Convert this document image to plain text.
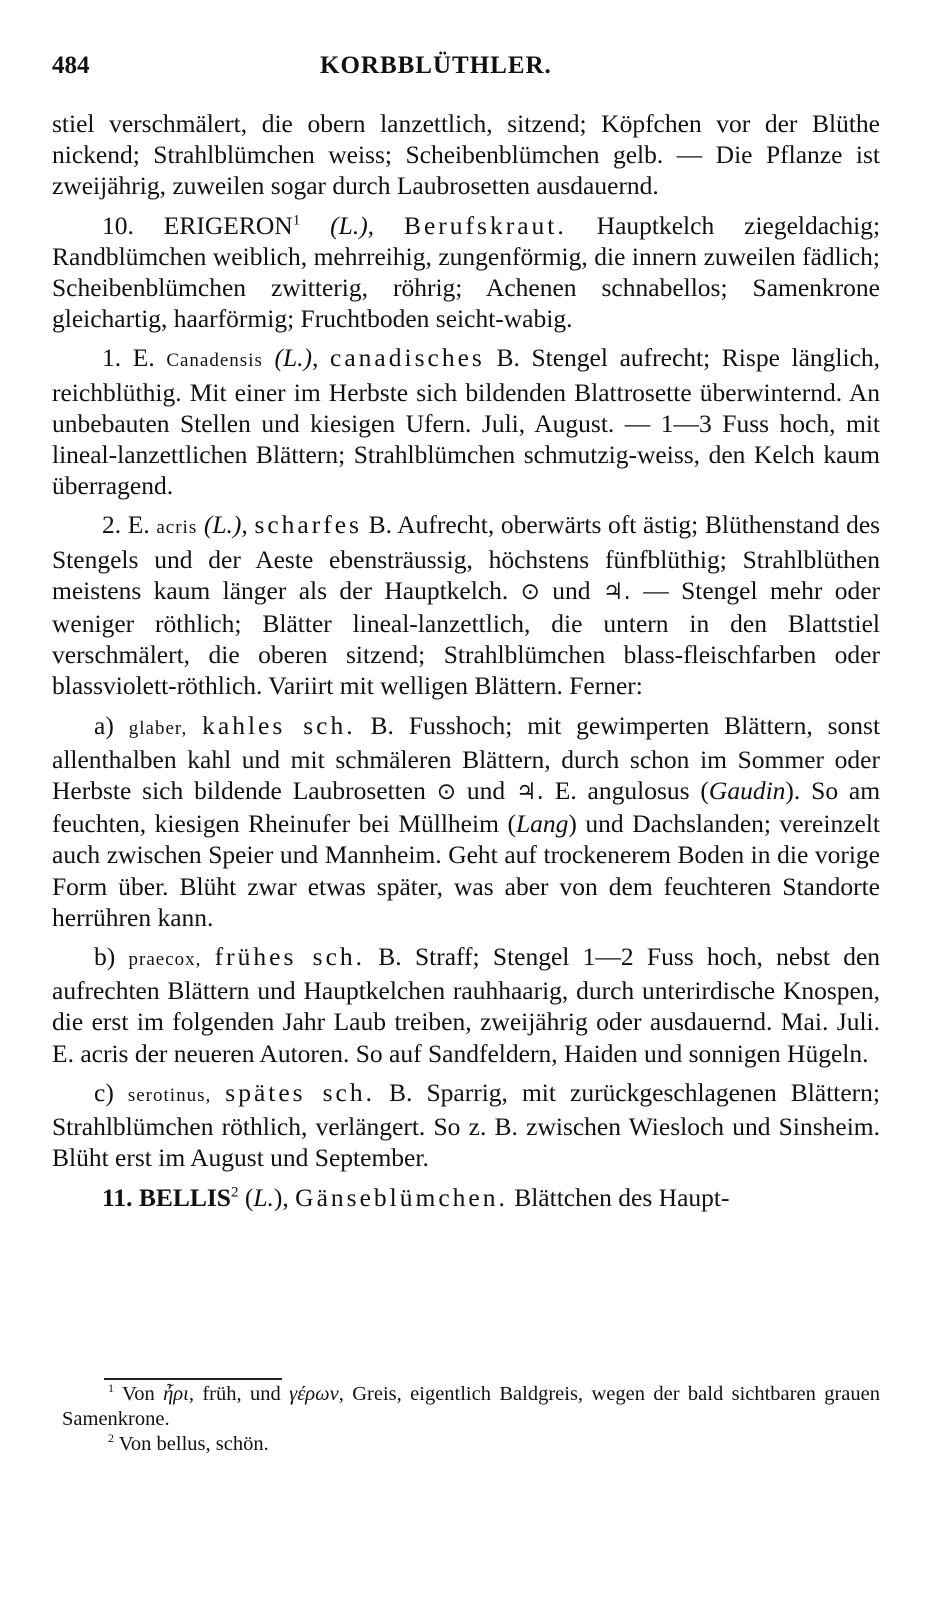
484	KORBBLÜTHLER.

stiel verschmälert, die obern lanzettlich, sitzend; Köpfchen vor der Blüthe nickend; Strahlblümchen weiss; Scheibenblümchen gelb. — Die Pflanze ist zweijährig, zuweilen sogar durch Laubrosetten ausdauernd.

10. ERIGERON$^1$ (L.), Berufskraut. Hauptkelch ziegeldachig; Randblümchen weiblich, mehrreihig, zungenförmig, die innern zuweilen fädlich; Scheibenblümchen zwitterig, röhrig; Achenen schnabellos; Samenkrone gleichartig, haarförmig; Fruchtboden seicht-wabig.

1. E. Canadensis (L.), canadisches B. Stengel aufrecht; Rispe länglich, reichblüthig. Mit einer im Herbste sich bildenden Blattrosette überwinternd. An unbebauten Stellen und kiesigen Ufern. Juli, August. — 1—3 Fuss hoch, mit lineal-lanzettlichen Blättern; Strahlblümchen schmutzig-weiss, den Kelch kaum überragend.

2. E. acris (L.), scharfes B. Aufrecht, oberwärts oft ästig; Blüthenstand des Stengels und der Aeste ebensträussig, höchstens fünfblüthig; Strahlblüthen meistens kaum länger als der Hauptkelch. ⊙ und ♃. — Stengel mehr oder weniger röthlich; Blätter lineal-lanzettlich, die untern in den Blattstiel verschmälert, die oberen sitzend; Strahlblümchen blass-fleischfarben oder blassviolett-röthlich. Variirt mit welligen Blättern. Ferner:

a) glaber, kahles sch. B. Fusshoch; mit gewimperten Blättern, sonst allenthalben kahl und mit schmäleren Blättern, durch schon im Sommer oder Herbste sich bildende Laubrosetten ⊙ und ♃. E. angulosus (Gaudin). So am feuchten, kiesigen Rheinufer bei Müllheim (Lang) und Dachslanden; vereinzelt auch zwischen Speier und Mannheim. Geht auf trockenerem Boden in die vorige Form über. Blüht zwar etwas später, was aber von dem feuchteren Standorte herrühren kann.

b) praecox, frühes sch. B. Straff; Stengel 1—2 Fuss hoch, nebst den aufrechten Blättern und Hauptkelchen rauhhaarig, durch unterirdische Knospen, die erst im folgenden Jahr Laub treiben, zweijährig oder ausdauernd. Mai. Juli. E. acris der neueren Autoren. So auf Sandfeldern, Haiden und sonnigen Hügeln.

c) serotinus, spätes sch. B. Sparrig, mit zurückgeschlagenen Blättern; Strahlblümchen röthlich, verlängert. So z. B. zwischen Wiesloch und Sinsheim. Blüht erst im August und September.

11. BELLIS$^2$ (L.), Gänseblümchen. Blättchen des Haupt-

$^1$ Von ἦρι, früh, und γέρων, Greis, eigentlich Baldgreis, wegen der bald sichtbaren grauen Samenkrone.

$^2$ Von bellus, schön.
